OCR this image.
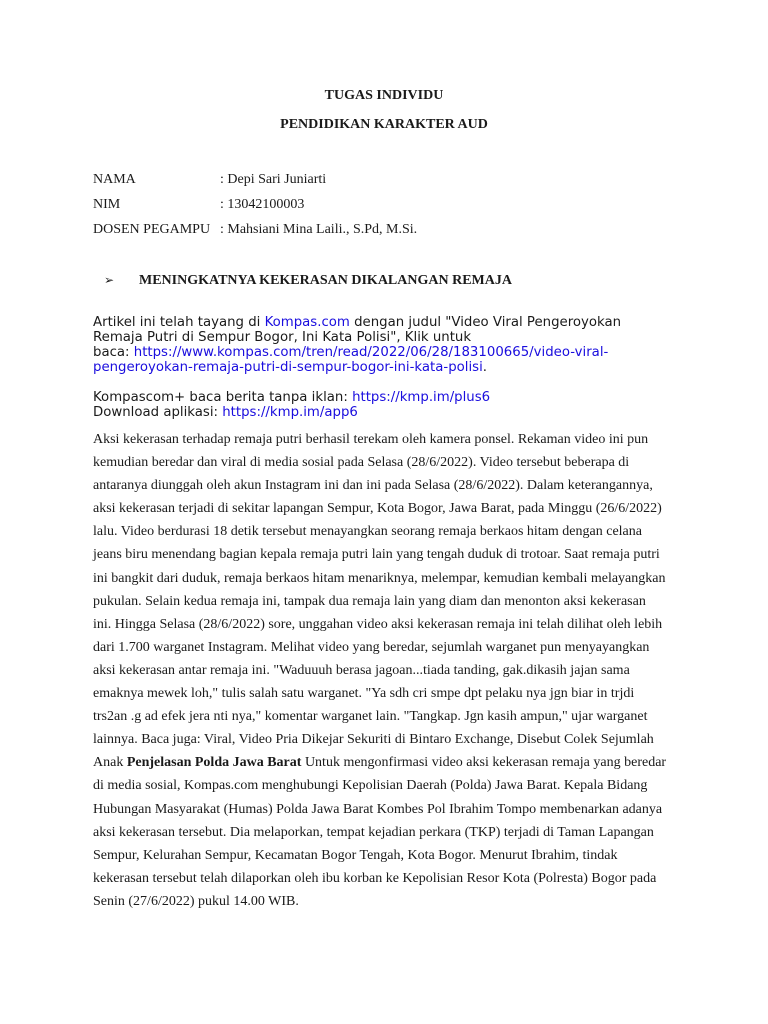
TUGAS INDIVIDU
PENDIDIKAN KARAKTER AUD
NAMA	: Depi Sari Juniarti
NIM	: 13042100003
DOSEN PEGAMPU : Mahsiani Mina Laili., S.Pd, M.Si.
➢ MENINGKATNYA KEKERASAN DIKALANGAN REMAJA
Artikel ini telah tayang di Kompas.com dengan judul "Video Viral Pengeroyokan
Remaja Putri di Sempur Bogor, Ini Kata Polisi", Klik untuk
baca: https://www.kompas.com/tren/read/2022/06/28/183100665/video-viral-
pengeroyokan-remaja-putri-di-sempur-bogor-ini-kata-polisi.
Kompascom+ baca berita tanpa iklan: https://kmp.im/plus6
Download aplikasi: https://kmp.im/app6
Aksi kekerasan terhadap remaja putri berhasil terekam oleh kamera ponsel. Rekaman video ini pun
kemudian beredar dan viral di media sosial pada Selasa (28/6/2022). Video tersebut beberapa di
antaranya diunggah oleh akun Instagram ini dan ini pada Selasa (28/6/2022). Dalam keterangannya,
aksi kekerasan terjadi di sekitar lapangan Sempur, Kota Bogor, Jawa Barat, pada Minggu (26/6/2022)
lalu. Video berdurasi 18 detik tersebut menayangkan seorang remaja berkaos hitam dengan celana
jeans biru menendang bagian kepala remaja putri lain yang tengah duduk di trotoar. Saat remaja putri
ini bangkit dari duduk, remaja berkaos hitam menariknya, melempar, kemudian kembali melayangkan
pukulan. Selain kedua remaja ini, tampak dua remaja lain yang diam dan menonton aksi kekerasan
ini. Hingga Selasa (28/6/2022) sore, unggahan video aksi kekerasan remaja ini telah dilihat oleh lebih
dari 1.700 warganet Instagram. Melihat video yang beredar, sejumlah warganet pun menyayangkan
aksi kekerasan antar remaja ini. "Waduuuh berasa jagoan...tiada tanding, gak.dikasih jajan sama
emaknya mewek loh," tulis salah satu warganet. "Ya sdh cri smpe dpt pelaku nya jgn biar in trjdi
trs2an .g ad efek jera nti nya," komentar warganet lain. "Tangkap. Jgn kasih ampun," ujar warganet
lainnya. Baca juga: Viral, Video Pria Dikejar Sekuriti di Bintaro Exchange, Disebut Colek Sejumlah
Anak Penjelasan Polda Jawa Barat Untuk mengonfirmasi video aksi kekerasan remaja yang beredar
di media sosial, Kompas.com menghubungi Kepolisian Daerah (Polda) Jawa Barat. Kepala Bidang
Hubungan Masyarakat (Humas) Polda Jawa Barat Kombes Pol Ibrahim Tompo membenarkan adanya
aksi kekerasan tersebut. Dia melaporkan, tempat kejadian perkara (TKP) terjadi di Taman Lapangan
Sempur, Kelurahan Sempur, Kecamatan Bogor Tengah, Kota Bogor. Menurut Ibrahim, tindak
kekerasan tersebut telah dilaporkan oleh ibu korban ke Kepolisian Resor Kota (Polresta) Bogor pada
Senin (27/6/2022) pukul 14.00 WIB.
